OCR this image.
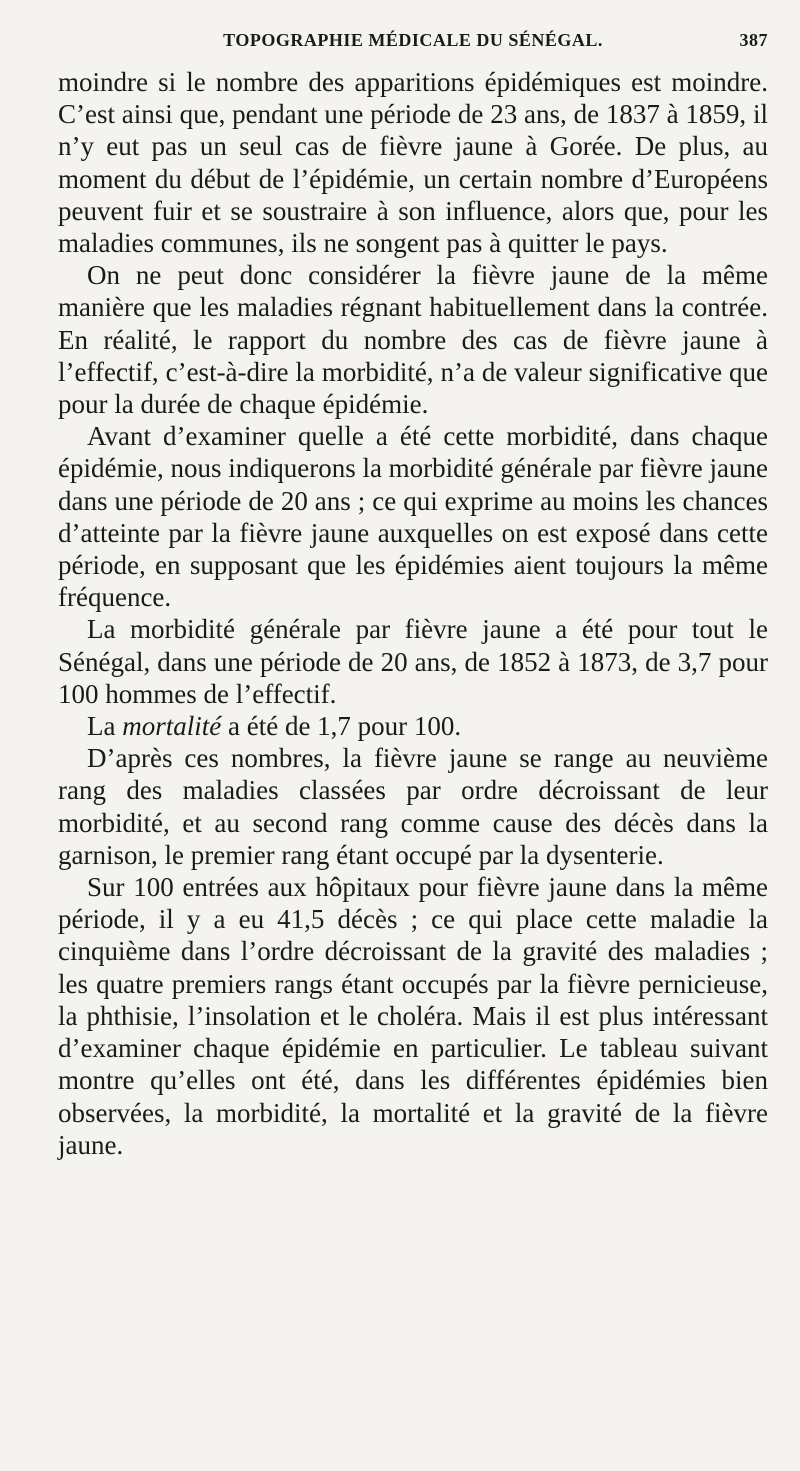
TOPOGRAPHIE MÉDICALE DU SÉNÉGAL.	387

moindre si le nombre des apparitions épidémiques est moindre. C’est ainsi que, pendant une période de 23 ans, de 1837 à 1859, il n’y eut pas un seul cas de fièvre jaune à Gorée. De plus, au moment du début de l’épidémie, un certain nombre d’Européens peuvent fuir et se soustraire à son influence, alors que, pour les maladies communes, ils ne songent pas à quitter le pays.

On ne peut donc considérer la fièvre jaune de la même manière que les maladies régnant habituellement dans la contrée. En réalité, le rapport du nombre des cas de fièvre jaune à l’effectif, c’est-à-dire la morbidité, n’a de valeur significative que pour la durée de chaque épidémie.

Avant d’examiner quelle a été cette morbidité, dans chaque épidémie, nous indiquerons la morbidité générale par fièvre jaune dans une période de 20 ans ; ce qui exprime au moins les chances d’atteinte par la fièvre jaune auxquelles on est exposé dans cette période, en supposant que les épidémies aient toujours la même fréquence.

La morbidité générale par fièvre jaune a été pour tout le Sénégal, dans une période de 20 ans, de 1852 à 1873, de 3,7 pour 100 hommes de l’effectif.

La mortalité a été de 1,7 pour 100.

D’après ces nombres, la fièvre jaune se range au neuvième rang des maladies classées par ordre décroissant de leur morbidité, et au second rang comme cause des décès dans la garnison, le premier rang étant occupé par la dysenterie.

Sur 100 entrées aux hôpitaux pour fièvre jaune dans la même période, il y a eu 41,5 décès ; ce qui place cette maladie la cinquième dans l’ordre décroissant de la gravité des maladies ; les quatre premiers rangs étant occupés par la fièvre pernicieuse, la phthisie, l’insolation et le choléra. Mais il est plus intéressant d’examiner chaque épidémie en particulier. Le tableau suivant montre qu’elles ont été, dans les différentes épidémies bien observées, la morbidité, la mortalité et la gravité de la fièvre jaune.
